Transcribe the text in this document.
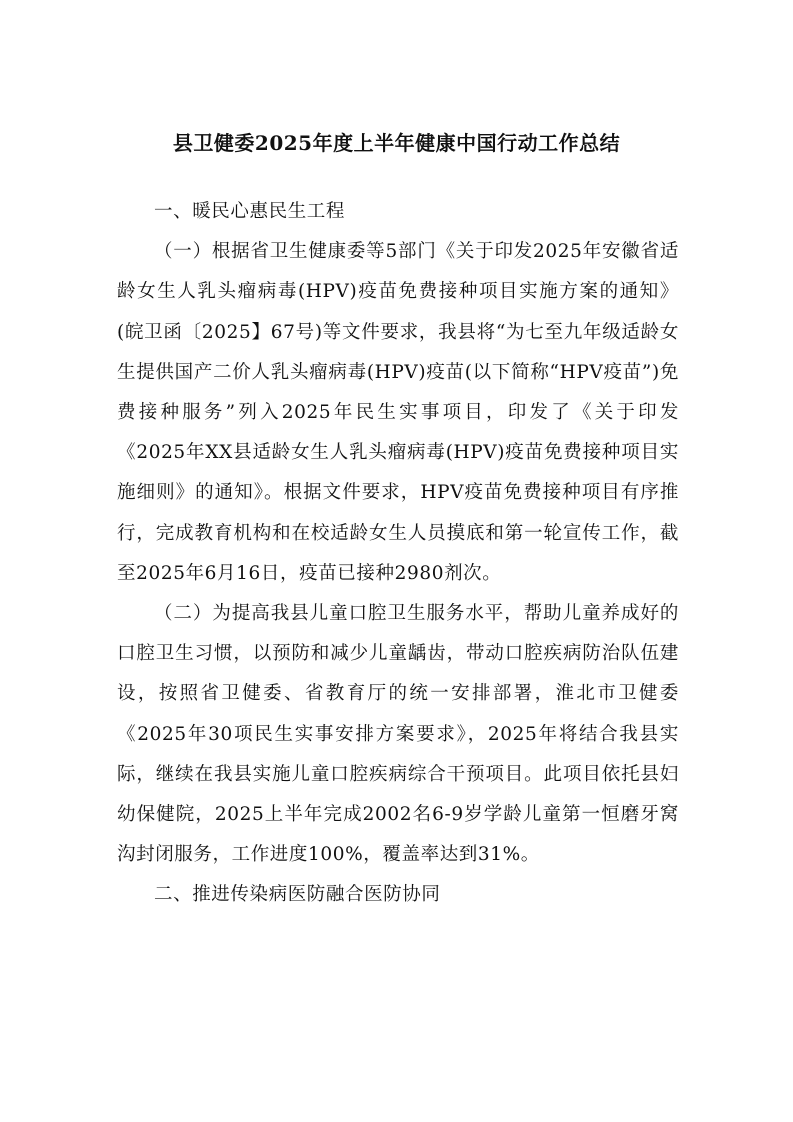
县卫健委2025年度上半年健康中国行动工作总结

一、暖民心惠民生工程

（一）根据省卫生健康委等5部门《关于印发2025年安徽省适龄女生人乳头瘤病毒(HPV)疫苗免费接种项目实施方案的通知》(皖卫函〔2025】67号)等文件要求，我县将“为七至九年级适龄女生提供国产二价人乳头瘤病毒(HPV)疫苗(以下简称“HPV疫苗”)免费接种服务”列入2025年民生实事项目，印发了《关于印发《2025年XX县适龄女生人乳头瘤病毒(HPV)疫苗免费接种项目实施细则》的通知》。根据文件要求，HPV疫苗免费接种项目有序推行，完成教育机构和在校适龄女生人员摸底和第一轮宣传工作，截至2025年6月16日，疫苗已接种2980剂次。

（二）为提高我县儿童口腔卫生服务水平，帮助儿童养成好的口腔卫生习惯，以预防和减少儿童龋齿，带动口腔疾病防治队伍建设，按照省卫健委、省教育厅的统一安排部署，淮北市卫健委《2025年30项民生实事安排方案要求》，2025年将结合我县实际，继续在我县实施儿童口腔疾病综合干预项目。此项目依托县妇幼保健院，2025上半年完成2002名6-9岁学龄儿童第一恒磨牙窝沟封闭服务，工作进度100%，覆盖率达到31%。

二、推进传染病医防融合医防协同
